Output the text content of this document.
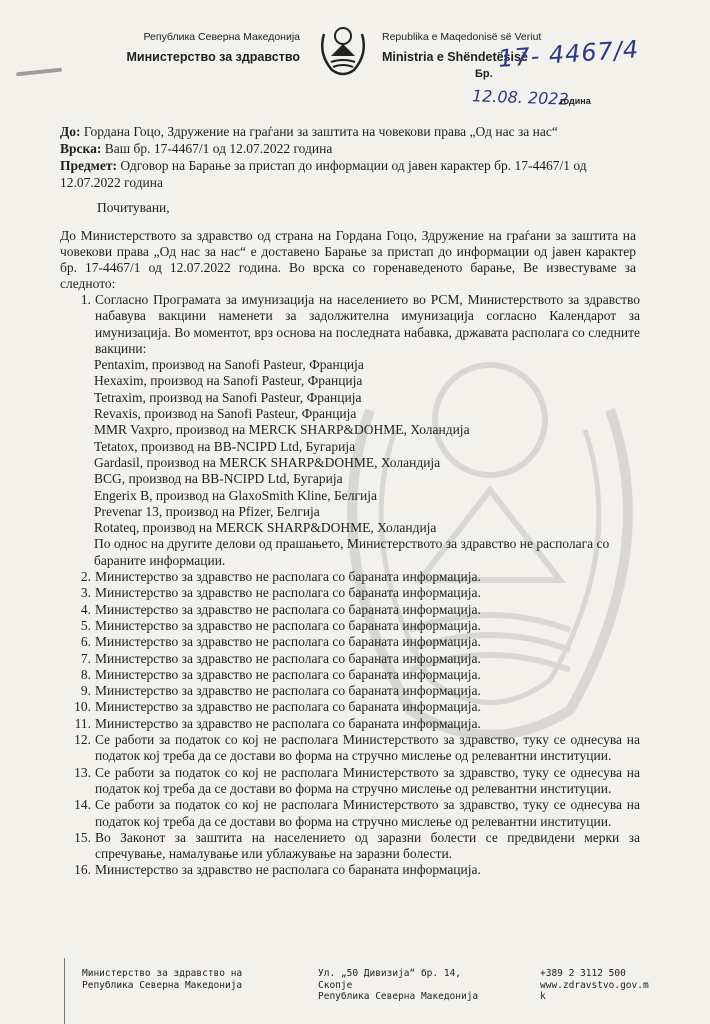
Република Северна Македонија
Министерство за здравство
Republika e Maqedonisë së Veriut
Ministria e Shëndetësisë
Бр.
17- 4467/4
12.08. 2022
година

До: Гордана Гоцо, Здружение на граѓани за заштита на човекови права „Од нас за нас“

Врска: Ваш бр. 17-4467/1 од 12.07.2022 година

Предмет: Одговор на Барање за пристап до информации од јавен карактер бр. 17-4467/1 од 12.07.2022 година

Почитувани,
До Министерството за здравство од страна на Гордана Гоцо, Здружение на граѓани за заштита на човекови права „Од нас за нас“ е доставено Барање за пристап до информации од јавен карактер бр. 17-4467/1 од 12.07.2022 година. Во врска со горенаведеното барање, Ве известуваме за следното:
1. Согласно Програмата за имунизација на населението во РСМ, Министерството за здравство набавува вакцини наменети за задолжителна имунизација согласно Календарот за имунизација. Во моментот, врз основа на последната набавка, државата располага со следните вакцини:
Pentaxim, производ на Sanofi Pasteur, Франција
Hexaxim, производ на Sanofi Pasteur, Франција
Tetraxim, производ на Sanofi Pasteur, Франција
Revaxis, производ на Sanofi Pasteur, Франција
MMR Vaxpro, производ на MERCK SHARP&DOHME, Холандија
Tetatox, производ на BB-NCIPD Ltd, Бугарија
Gardasil, производ на MERCK SHARP&DOHME, Холандија
BCG, производ на BB-NCIPD Ltd, Бугарија
Engerix B, производ на GlaxoSmith Kline, Белгија
Prevenar 13, производ на Pfizer, Белгија
Rotateq, производ на MERCK SHARP&DOHME, Холандија
По однос на другите делови од прашањето, Министерството за здравство не располага со бараните информации.
2. Министерство за здравство не располага со бараната информација.
3. Министерство за здравство не располага со бараната информација.
4. Министерство за здравство не располага со бараната информација.
5. Министерство за здравство не располага со бараната информација.
6. Министерство за здравство не располага со бараната информација.
7. Министерство за здравство не располага со бараната информација.
8. Министерство за здравство не располага со бараната информација.
9. Министерство за здравство не располага со бараната информација.
10. Министерство за здравство не располага со бараната информација.
11. Министерство за здравство не располага со бараната информација.
12. Се работи за податок со кој не располага Министерството за здравство, туку се однесува на податок кој треба да се достави во форма на стручно мислење од релевантни институции.
13. Се работи за податок со кој не располага Министерството за здравство, туку се однесува на податок кој треба да се достави во форма на стручно мислење од релевантни институции.
14. Се работи за податок со кој не располага Министерството за здравство, туку се однесува на податок кој треба да се достави во форма на стручно мислење од релевантни институции.
15. Во Законот за заштита на населението од заразни болести се предвидени мерки за спречување, намалување или ублажување на заразни болести.
16. Министерство за здравство не располага со бараната информација.
Министерство за здравство на
Република Северна Македонија
Ул. „50 Дивизија“ бр. 14,
Скопје
Република Северна Македонија
+389 2 3112 500
www.zdravstvo.gov.m
k
